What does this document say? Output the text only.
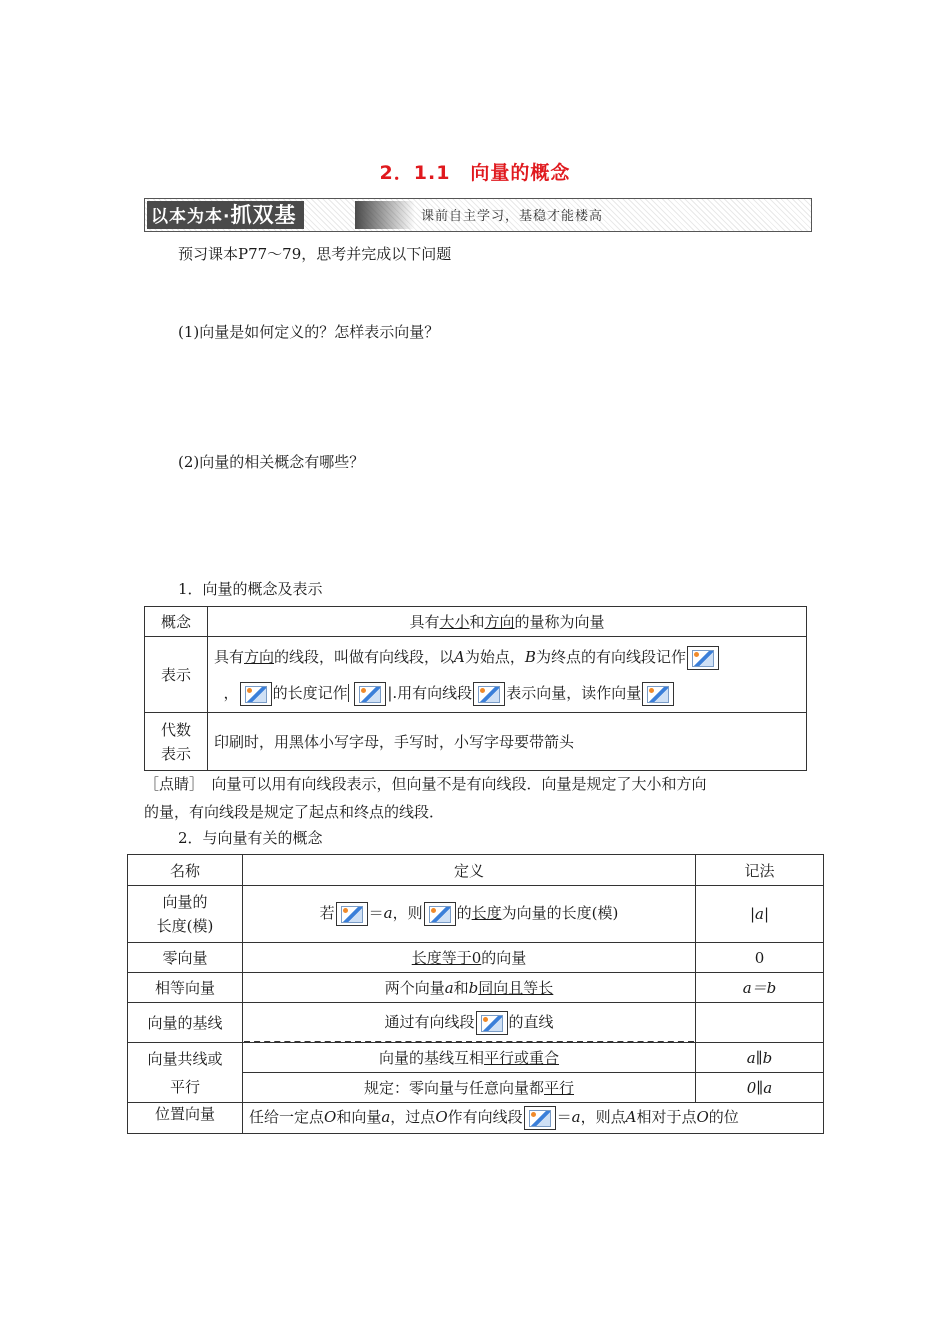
2．1.1　向量的概念
以本为本·抓双基	课前自主学习，基稳才能楼高
预习课本P77～79，思考并完成以下问题
(1)向量是如何定义的？怎样表示向量？
(2)向量的相关概念有哪些？
1．向量的概念及表示
概念	具有大小和方向的量称为向量
表示	具有方向的线段，叫做有向线段，以A为始点，B为终点的有向线段记作

， 的长度记作 |.用有向线段 表示向量，读作向量

代数
表示	印刷时，用黑体小写字母，手写时，小写字母要带箭头
［点睛］　向量可以用有向线段表示，但向量不是有向线段．向量是规定了大小和方向
的量，有向线段是规定了起点和终点的线段．
2．与向量有关的概念
名称	定义	记法
向量的
长度(模)	若 ＝a，则 的长度为向量的长度(模)	|a|
零向量	长度等于0的向量	0
相等向量	两个向量a和b同向且等长	a＝b
向量的基线	通过有向线段 的直线	
向量共线或
平行	向量的基线互相平行或重合	a∥b
	规定：零向量与任意向量都平行	0∥a
位置向量	任给一定点O和向量a，过点O作有向线段 ＝a，则点A相对于点O的位	
